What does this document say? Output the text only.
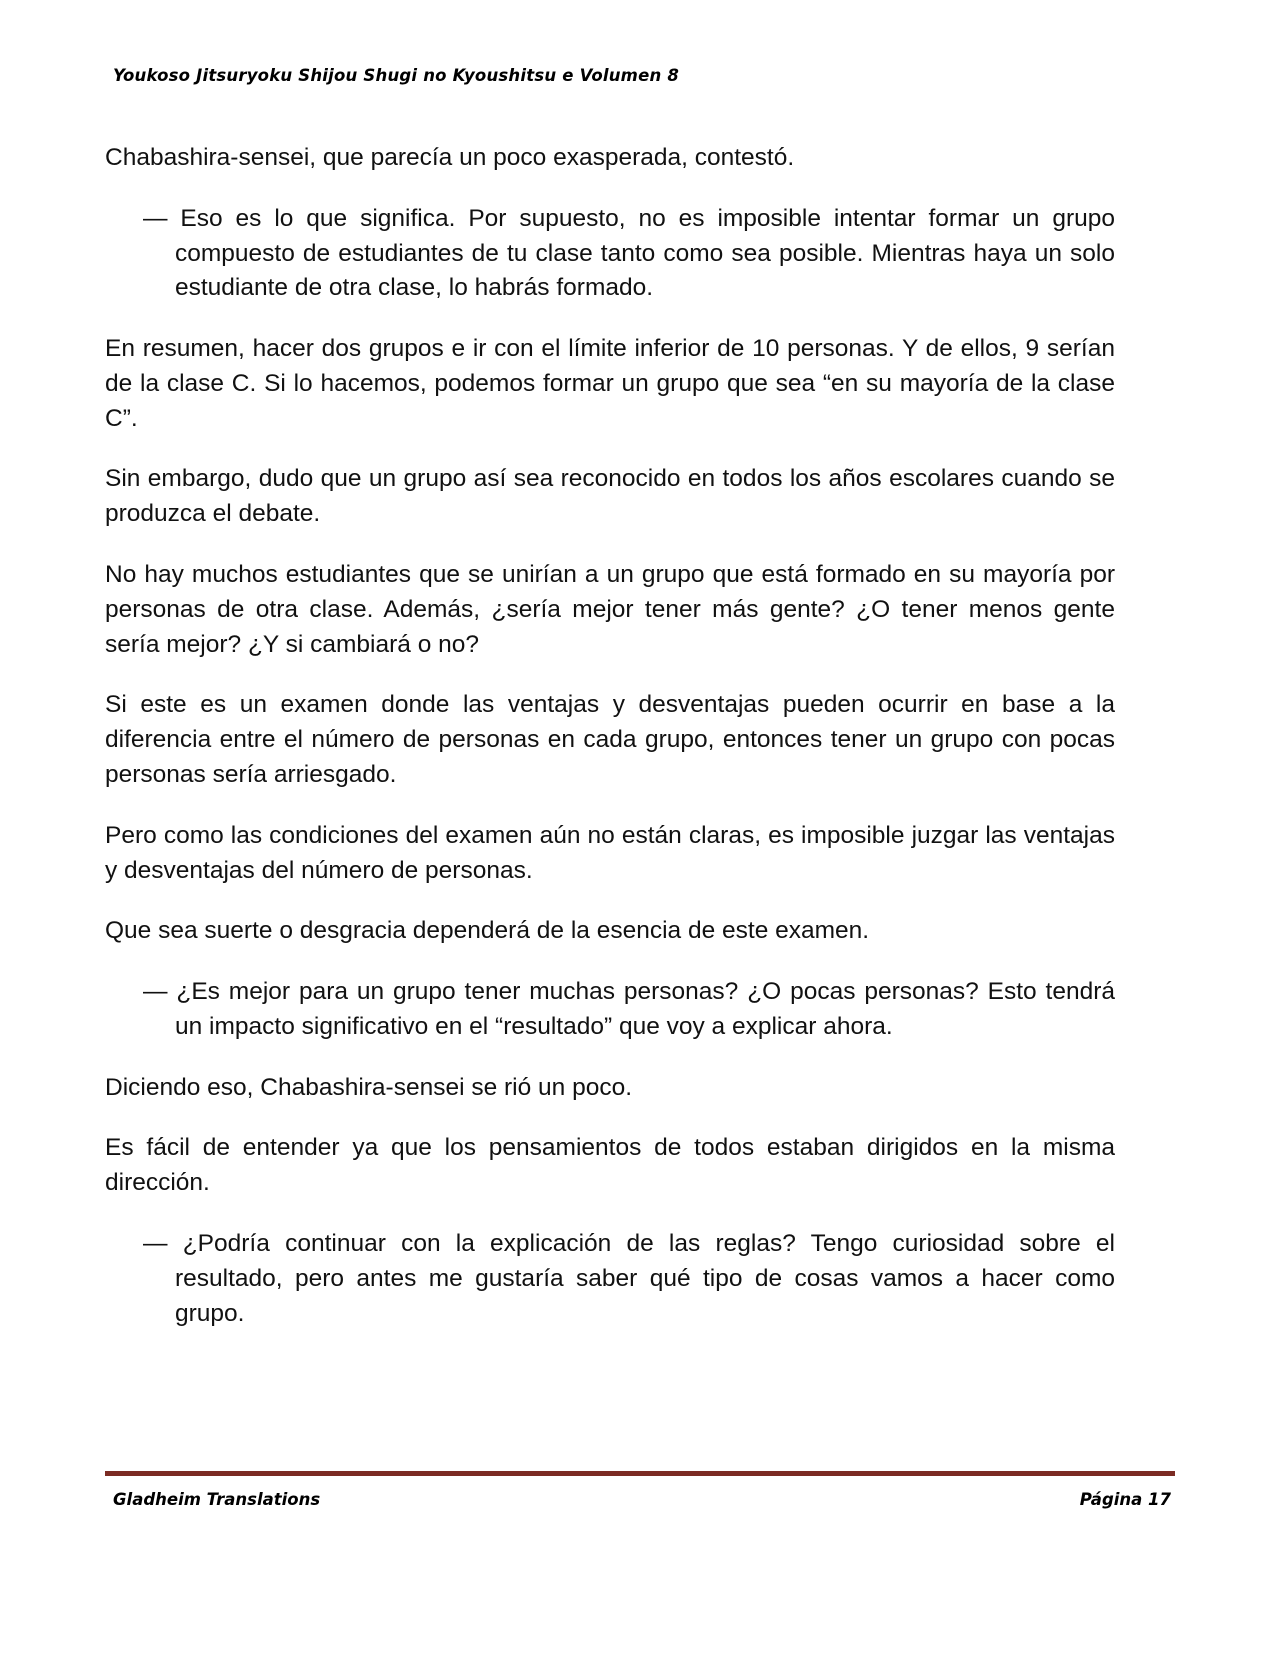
Youkoso Jitsuryoku Shijou Shugi no Kyoushitsu e Volumen 8

Chabashira-sensei, que parecía un poco exasperada, contestó.

— Eso es lo que significa. Por supuesto, no es imposible intentar formar un grupo compuesto de estudiantes de tu clase tanto como sea posible. Mientras haya un solo estudiante de otra clase, lo habrás formado.

En resumen, hacer dos grupos e ir con el límite inferior de 10 personas. Y de ellos, 9 serían de la clase C. Si lo hacemos, podemos formar un grupo que sea “en su mayoría de la clase C”.

Sin embargo, dudo que un grupo así sea reconocido en todos los años escolares cuando se produzca el debate.

No hay muchos estudiantes que se unirían a un grupo que está formado en su mayoría por personas de otra clase. Además, ¿sería mejor tener más gente? ¿O tener menos gente sería mejor? ¿Y si cambiará o no?

Si este es un examen donde las ventajas y desventajas pueden ocurrir en base a la diferencia entre el número de personas en cada grupo, entonces tener un grupo con pocas personas sería arriesgado.

Pero como las condiciones del examen aún no están claras, es imposible juzgar las ventajas y desventajas del número de personas.

Que sea suerte o desgracia dependerá de la esencia de este examen.

— ¿Es mejor para un grupo tener muchas personas? ¿O pocas personas? Esto tendrá un impacto significativo en el “resultado” que voy a explicar ahora.

Diciendo eso, Chabashira-sensei se rió un poco.

Es fácil de entender ya que los pensamientos de todos estaban dirigidos en la misma dirección.

— ¿Podría continuar con la explicación de las reglas? Tengo curiosidad sobre el resultado, pero antes me gustaría saber qué tipo de cosas vamos a hacer como grupo.

Gladheim Translations	Página 17
